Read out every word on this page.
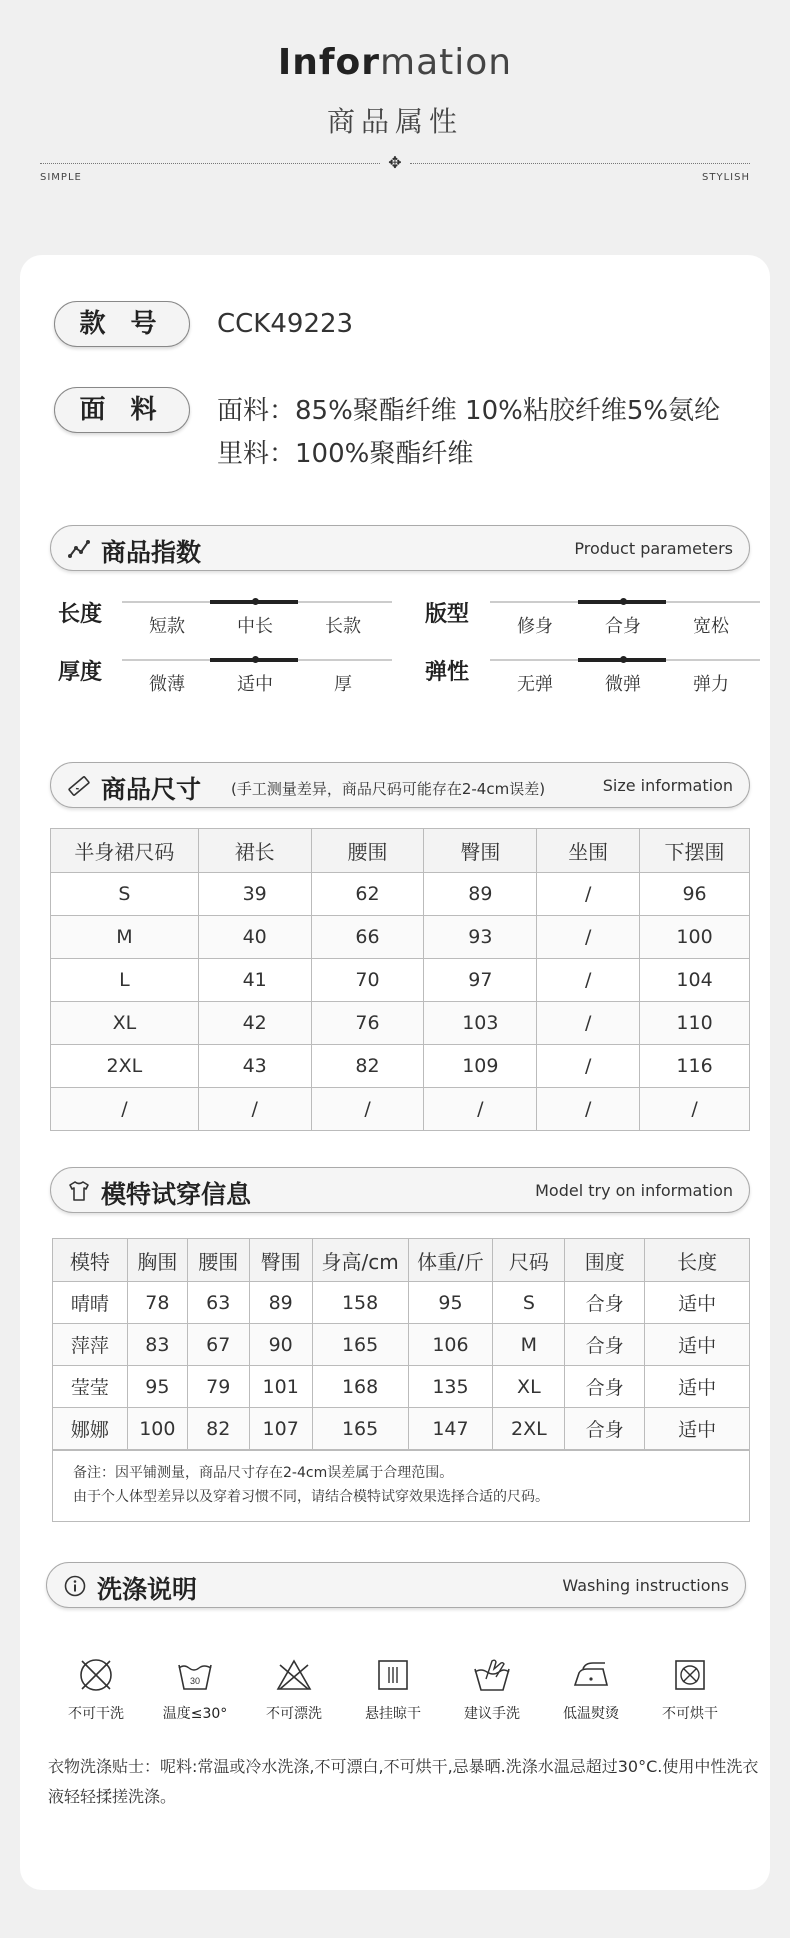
Information
商品属性
✥
SIMPLE	STYLISH
款 号	CCK49223
面 料	面料：85%聚酯纤维 10%粘胶纤维5%氨纶
里料：100%聚酯纤维
商品指数	Product parameters
长度	短款	中长	长款	版型	修身	合身	宽松
厚度	微薄	适中	厚	弹性	无弹	微弹	弹力
商品尺寸 (手工测量差异，商品尺码可能存在2-4cm误差)	Size information
半身裙尺码	裙长	腰围	臀围	坐围	下摆围
S	39	62	89	/	96
M	40	66	93	/	100
L	41	70	97	/	104
XL	42	76	103	/	110
2XL	43	82	109	/	116
/	/	/	/	/	/
模特试穿信息	Model try on information
模特	胸围	腰围	臀围	身高/cm	体重/斤	尺码	围度	长度
晴晴	78	63	89	158	95	S	合身	适中
萍萍	83	67	90	165	106	M	合身	适中
莹莹	95	79	101	168	135	XL	合身	适中
娜娜	100	82	107	165	147	2XL	合身	适中
备注：因平铺测量，商品尺寸存在2-4cm误差属于合理范围。
由于个人体型差异以及穿着习惯不同，请结合模特试穿效果选择合适的尺码。
洗涤说明	Washing instructions
不可干洗
30
温度≤30°	不可漂洗	悬挂晾干	建议手洗	低温熨烫	不可烘干
衣物洗涤贴士：呢料:常温或冷水洗涤,不可漂白,不可烘干,忌暴晒.洗涤水温忌超过30°C.使用中性洗衣液轻轻揉搓洗涤。
